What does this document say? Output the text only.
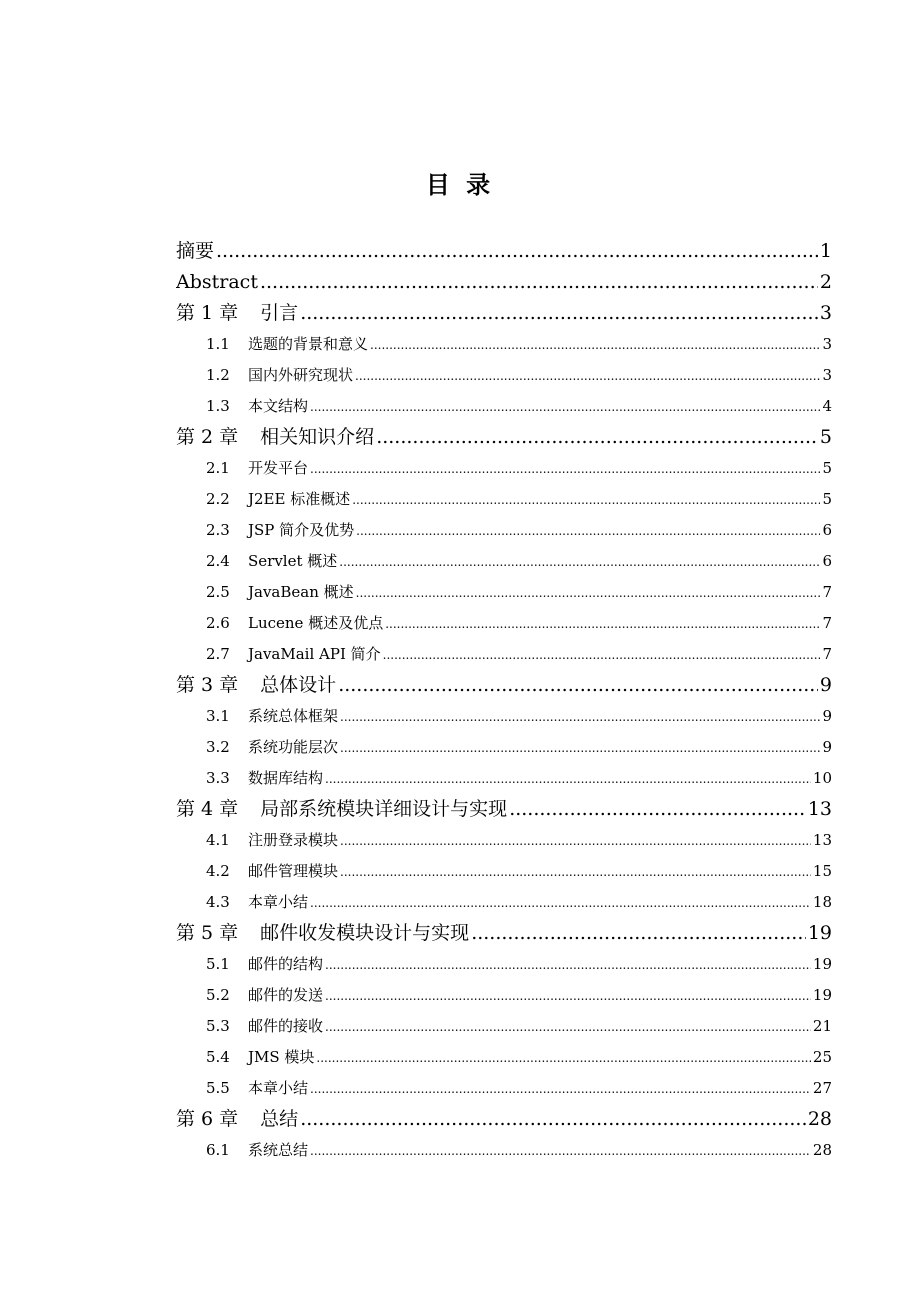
目 录
摘要 .....	1
Abstract .....	2
第 1 章 引言 .....	3
1.1	选题的背景和意义 .....	3
1.2	国内外研究现状 .....	3
1.3	本文结构 .....	4
第 2 章 相关知识介绍 .....	5
2.1	开发平台 .....	5
2.2	J2EE 标准概述 .....	5
2.3	JSP 简介及优势 .....	6
2.4	Servlet 概述 .....	6
2.5	JavaBean 概述 .....	7
2.6	Lucene 概述及优点 .....	7
2.7	JavaMail API 简介 .....	7
第 3 章 总体设计 .....	9
3.1	系统总体框架 .....	9
3.2	系统功能层次 .....	9
3.3	数据库结构 .....	10
第 4 章 局部系统模块详细设计与实现 .....	13
4.1	注册登录模块 .....	13
4.2	邮件管理模块 .....	15
4.3	本章小结 .....	18
第 5 章 邮件收发模块设计与实现 .....	19
5.1	邮件的结构 .....	19
5.2	邮件的发送 .....	19
5.3	邮件的接收 .....	21
5.4	JMS 模块 .....	25
5.5	本章小结 .....	27
第 6 章 总结 .....	28
6.1	系统总结 .....	28
